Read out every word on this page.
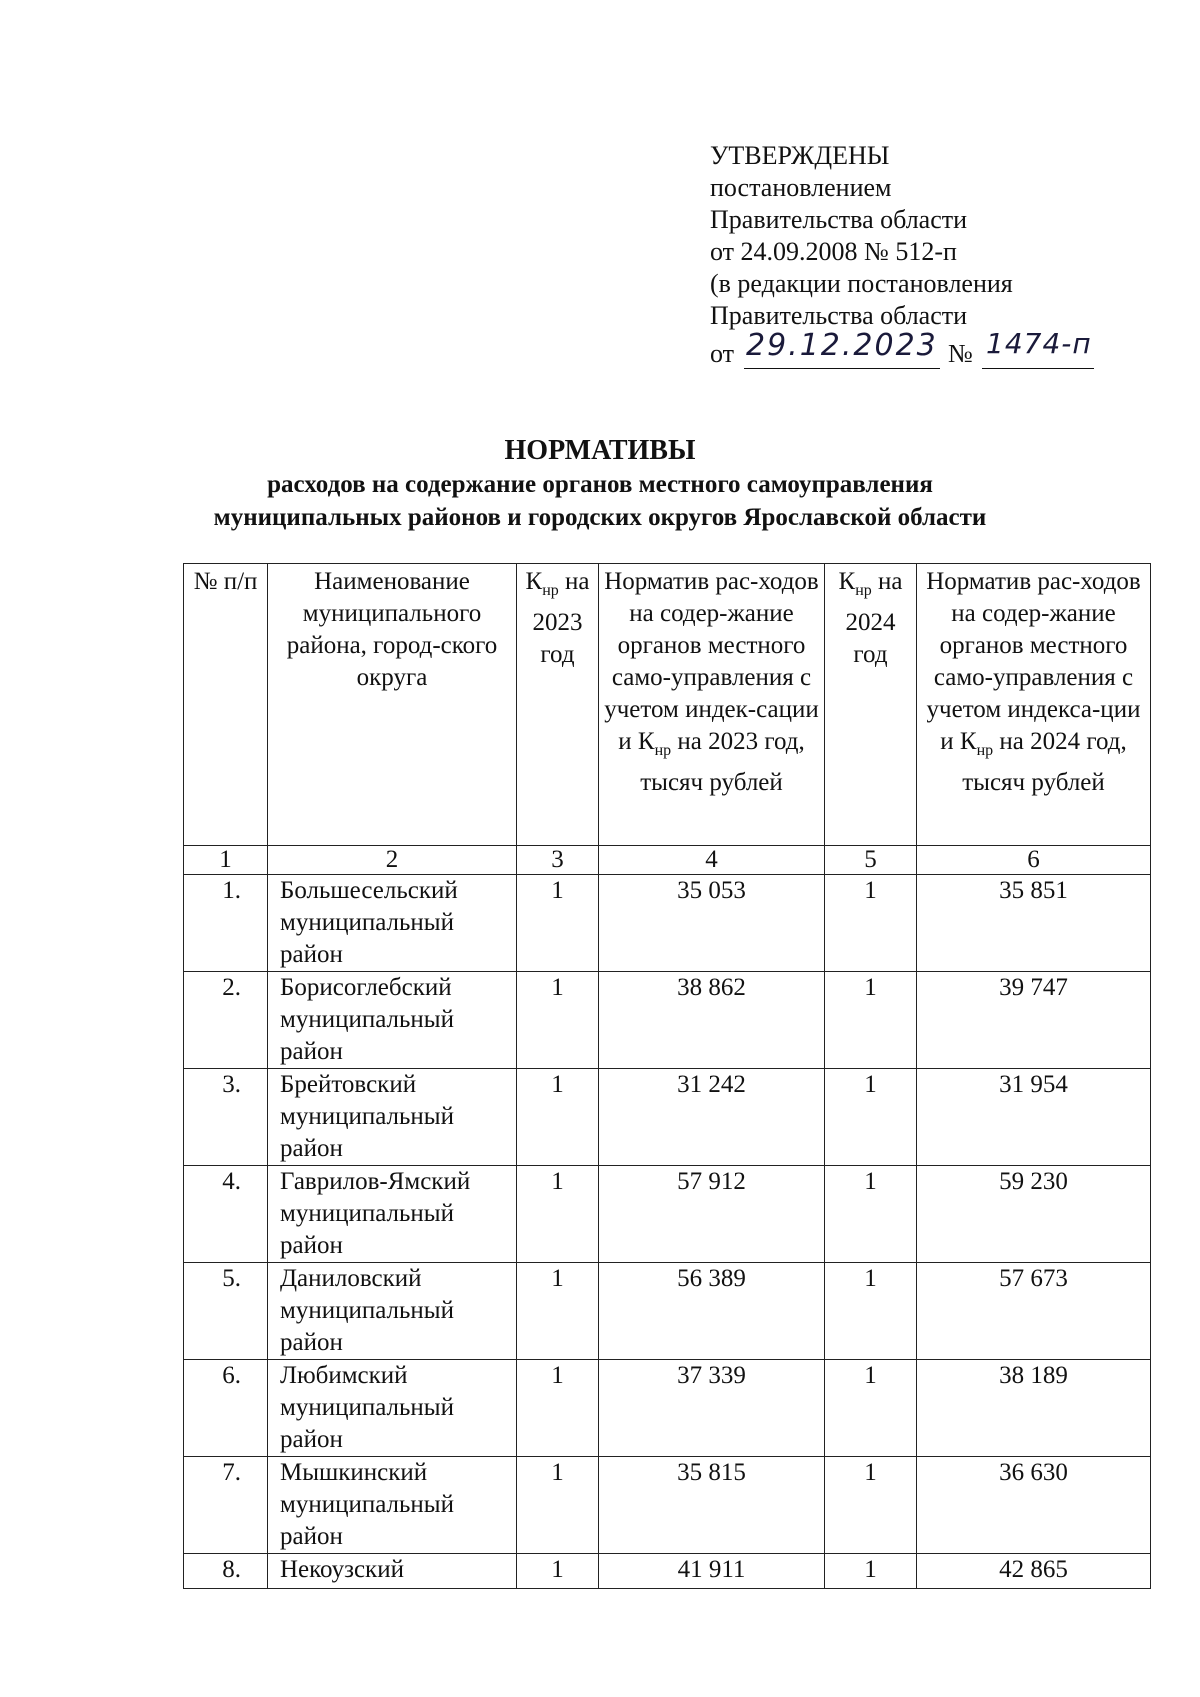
УТВЕРЖДЕНЫ
постановлением
Правительства области
от 24.09.2008 № 512-п
(в редакции постановления
Правительства области
от 29.12.2023 № 1474-п
НОРМАТИВЫ
расходов на содержание органов местного самоуправления
муниципальных районов и городских округов Ярославской области
№ п/п	Наименование муниципального района, город-ского округа	$К_{нр}$ на 2023 год	Норматив рас-ходов на содер-жание органов местного само-управления с учетом индек-сации и $К_{нр}$ на 2023 год, тысяч рублей	$К_{нр}$ на 2024 год	Норматив рас-ходов на содер-жание органов местного само-управления с учетом индекса-ции и $К_{нр}$ на 2024 год, тысяч рублей
1	2	3	4	5	6
1.	Большесельский муниципальный район	1	35 053	1	35 851
2.	Борисоглебский муниципальный район	1	38 862	1	39 747
3.	Брейтовский муниципальный район	1	31 242	1	31 954
4.	Гаврилов-Ямский муниципальный район	1	57 912	1	59 230
5.	Даниловский муниципальный район	1	56 389	1	57 673
6.	Любимский муниципальный район	1	37 339	1	38 189
7.	Мышкинский муниципальный район	1	35 815	1	36 630
8.	Некоузский	1	41 911	1	42 865
